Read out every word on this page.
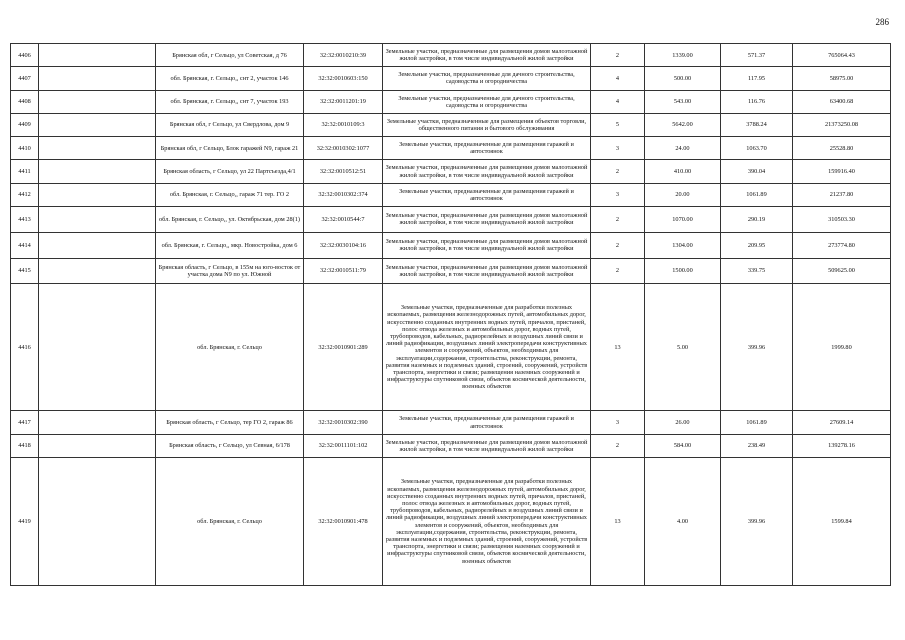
286
4406		Брянская обл, г Сельцо, ул Советская, д 76	32:32:0010210:39	Земельные участки, предназначенные для размещения домов малоэтажной жилой застройки, в том числе индивидуальной жилой застройки	2	1339.00	571.37	765064.43
4407		обл. Брянская, г. Сельцо,, снт 2, участок 146	32:32:0010603:150	Земельные участки, предназначенные для дачного строительства, садоводства и огородничества	4	500.00	117.95	58975.00
4408		обл. Брянская, г. Сельцо,, снт 7, участок 193	32:32:0011201:19	Земельные участки, предназначенные для дачного строительства, садоводства и огородничества	4	543.00	116.76	63400.68
4409		Брянская обл, г Сельцо, ул Свердлова, дом 9	32:32:0010109:3	Земельные участки, предназначенные для размещения объектов торговли, общественного питания и бытового обслуживания	5	5642.00	3788.24	21373250.08
4410		Брянская обл, г Сельцо, Блок гаражей N9, гараж 21	32:32:0010302:1077	Земельные участки, предназначенные для размещения гаражей и автостоянок	3	24.00	1063.70	25528.80
4411		Брянская область, г Сельцо, ул 22 Партсъезда,4/1	32:32:0010512:51	Земельные участки, предназначенные для размещения домов малоэтажной жилой застройки, в том числе индивидуальной жилой застройки	2	410.00	390.04	159916.40
4412		обл. Брянская, г. Сельцо,, гараж 71 тер. ГО 2	32:32:0010302:374	Земельные участки, предназначенные для размещения гаражей и автостоянок	3	20.00	1061.89	21237.80
4413		обл. Брянская, г. Сельцо,, ул. Октябрьская, дом 28(1)	32:32:0010544:7	Земельные участки, предназначенные для размещения домов малоэтажной жилой застройки, в том числе индивидуальной жилой застройки	2	1070.00	290.19	310503.30
4414		обл. Брянская, г. Сельцо,, мкр. Новостройка, дом 6	32:32:0030104:16	Земельные участки, предназначенные для размещения домов малоэтажной жилой застройки, в том числе индивидуальной жилой застройки	2	1304.00	209.95	273774.80
4415		Брянская область, г Сельцо, в 155м на юго-восток от участка дома N9 по ул. Южной	32:32:0010511:79	Земельные участки, предназначенные для размещения домов малоэтажной жилой застройки, в том числе индивидуальной жилой застройки	2	1500.00	339.75	509625.00
4416		обл. Брянская, г. Сельцо	32:32:0010901:289	Земельные участки, предназначенные для разработки полезных ископаемых, размещения железнодорожных путей, автомобильных дорог, искусственно созданных внутренних водных путей, причалов, пристаней, полос отвода железных и автомобильных дорог, водных путей, трубопроводов, кабельных, радиорелейных и воздушных линий связи и линий радиофикации, воздушных линий электропередачи конструктивных элементов и сооружений, объектов, необходимых для эксплуатации,содержания, строительства, реконструкции, ремонта, развития наземных и подземных зданий, строений, сооружений, устройств транспорта, энергетики и связи; размещения наземных сооружений и инфраструктуры спутниковой связи, объектов космической деятельности, военных объектов	13	5.00	399.96	1999.80
4417		Брянская область, г Сельцо, тер ГО 2, гараж 86	32:32:0010302:390	Земельные участки, предназначенные для размещения гаражей и автостоянок	3	26.00	1061.89	27609.14
4418		Брянская область, г Сельцо, ул Севная, 6/178	32:32:0011101:102	Земельные участки, предназначенные для размещения домов малоэтажной жилой застройки, в том числе индивидуальной жилой застройки	2	584.00	238.49	139278.16
4419		обл. Брянская, г. Сельцо	32:32:0010901:478	Земельные участки, предназначенные для разработки полезных ископаемых, размещения железнодорожных путей, автомобильных дорог, искусственно созданных внутренних водных путей, причалов, пристаней, полос отвода железных и автомобильных дорог, водных путей, трубопроводов, кабельных, радиорелейных и воздушных линий связи и линий радиофикации, воздушных линий электропередачи конструктивных элементов и сооружений, объектов, необходимых для эксплуатации,содержания, строительства, реконструкции, ремонта, развития наземных и подземных зданий, строений, сооружений, устройств транспорта, энергетики и связи; размещения наземных сооружений и инфраструктуры спутниковой связи, объектов космической деятельности, военных объектов	13	4.00	399.96	1599.84
